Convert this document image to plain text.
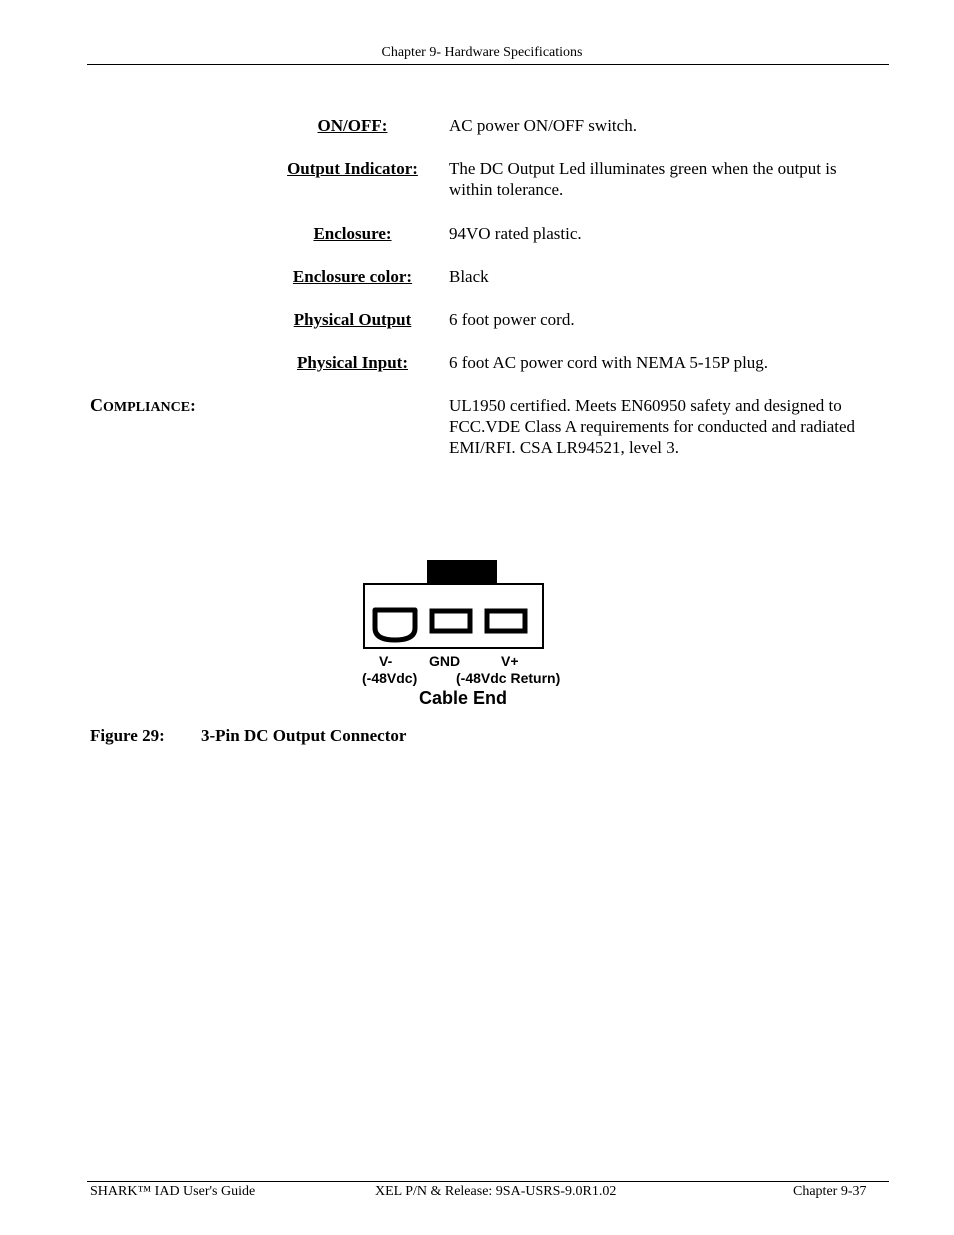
Chapter 9- Hardware Specifications
ON/OFF:	AC power ON/OFF switch.
Output Indicator:	The DC Output Led illuminates green when the output is within tolerance.
Enclosure:	94VO rated plastic.
Enclosure color:	Black
Physical Output	6 foot power cord.
Physical Input:	6 foot AC power cord with NEMA 5-15P plug.
COMPLIANCE:	UL1950 certified. Meets EN60950 safety and designed to FCC.VDE Class A requirements for conducted and radiated EMI/RFI. CSA LR94521, level 3.
V-	GND	V+
(-48Vdc)	(-48Vdc Return)
Cable End
Figure 29: 3-Pin DC Output Connector
SHARK™ IAD User's Guide	XEL P/N & Release: 9SA-USRS-9.0R1.02	Chapter 9-37
